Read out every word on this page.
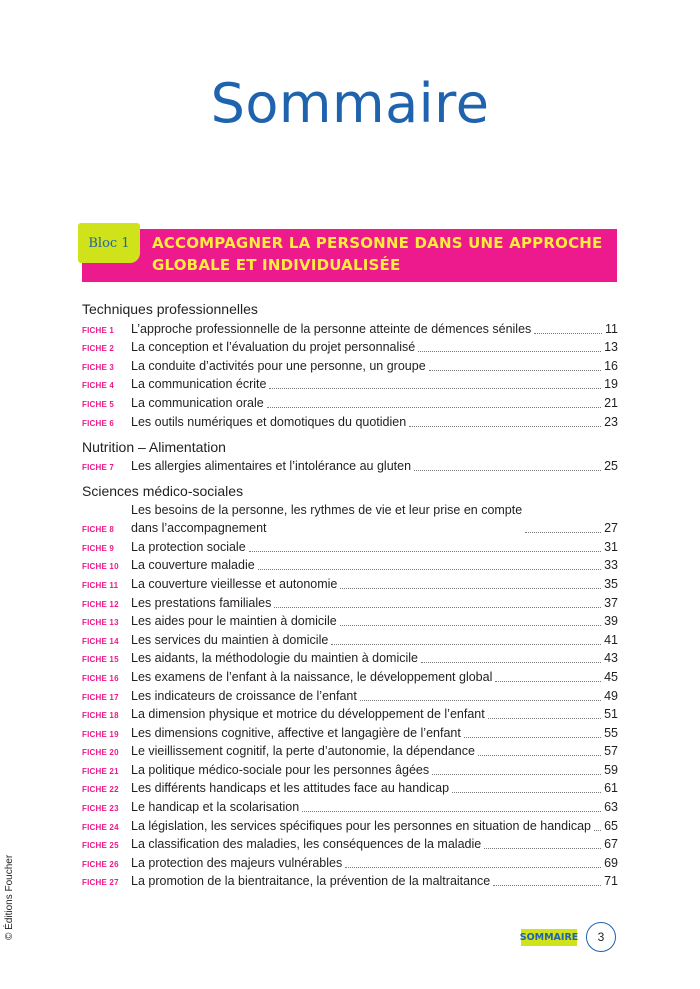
Sommaire
Bloc 1	ACCOMPAGNER LA PERSONNE DANS UNE APPROCHE GLOBALE ET INDIVIDUALISÉE
Techniques professionnelles
FICHE 1	L’approche professionnelle de la personne atteinte de démences séniles	11
FICHE 2	La conception et l’évaluation du projet personnalisé	13
FICHE 3	La conduite d’activités pour une personne, un groupe	16
FICHE 4	La communication écrite	19
FICHE 5	La communication orale	21
FICHE 6	Les outils numériques et domotiques du quotidien	23
Nutrition – Alimentation
FICHE 7	Les allergies alimentaires et l’intolérance au gluten	25
Sciences médico-sociales
FICHE 8
Les besoins de la personne, les rythmes de vie et leur prise en compte
dans l’accompagnement	27
FICHE 9	La protection sociale	31
FICHE 10 La couverture maladie	33
FICHE 11	La couverture vieillesse et autonomie	35
FICHE 12 Les prestations familiales	37
FICHE 13 Les aides pour le maintien à domicile	39
FICHE 14 Les services du maintien à domicile	41
FICHE 15 Les aidants, la méthodologie du maintien à domicile	43
FICHE 16 Les examens de l’enfant à la naissance, le développement global	45
FICHE 17 Les indicateurs de croissance de l’enfant	49
FICHE 18 La dimension physique et motrice du développement de l’enfant	51
FICHE 19 Les dimensions cognitive, affective et langagière de l’enfant	55
FICHE 20 Le vieillissement cognitif, la perte d’autonomie, la dépendance	57
FICHE 21 La politique médico-sociale pour les personnes âgées	59
FICHE 22 Les différents handicaps et les attitudes face au handicap	61
FICHE 23 Le handicap et la scolarisation	63
FICHE 24 La législation, les services spécifiques pour les personnes en situation de handicap 65
FICHE 25 La classification des maladies, les conséquences de la maladie	67
FICHE 26 La protection des majeurs vulnérables	69
FICHE 27 La promotion de la bientraitance, la prévention de la maltraitance	71
SOMMAIRE	3
© Éditions Foucher
